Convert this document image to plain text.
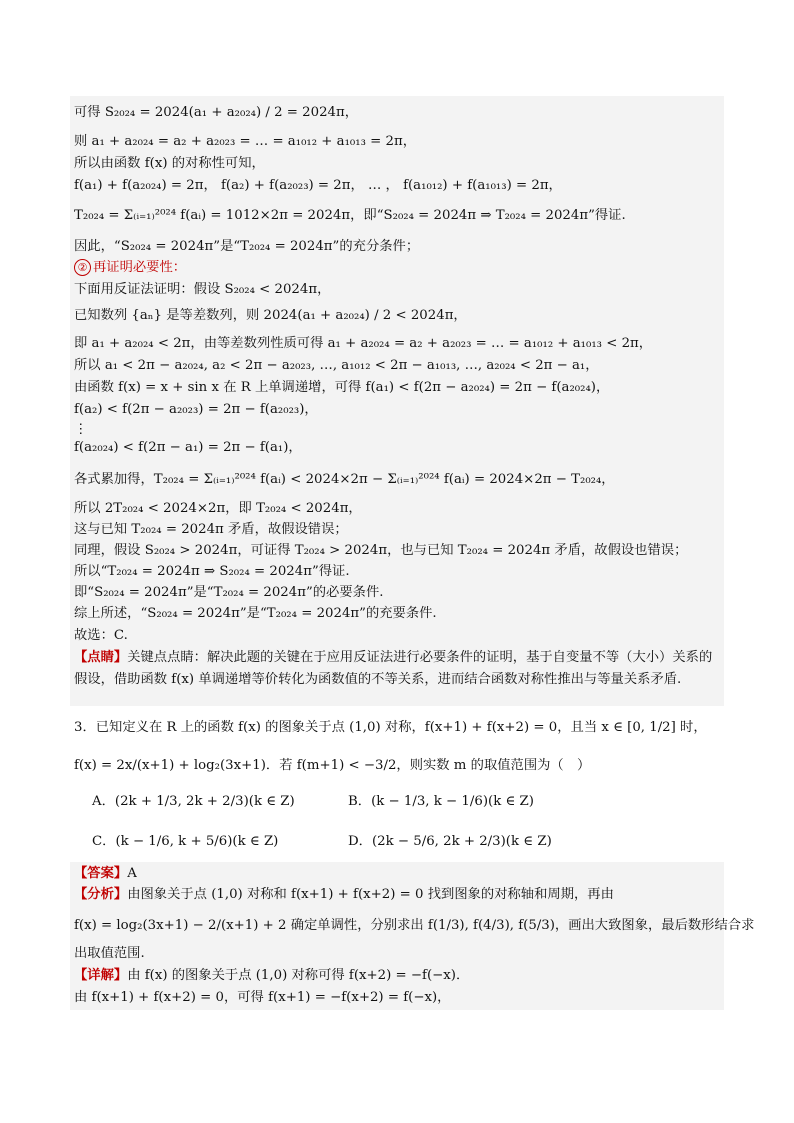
可得 S₂₀₂₄ = 2024(a₁ + a₂₀₂₄) / 2 = 2024π，
则 a₁ + a₂₀₂₄ = a₂ + a₂₀₂₃ = … = a₁₀₁₂ + a₁₀₁₃ = 2π，
所以由函数 f(x) 的对称性可知，
f(a₁) + f(a₂₀₂₄) = 2π， f(a₂) + f(a₂₀₂₃) = 2π， … ， f(a₁₀₁₂) + f(a₁₀₁₃) = 2π，
T₂₀₂₄ = Σ₍ᵢ₌₁₎²⁰²⁴ f(aᵢ) = 1012×2π = 2024π，即“S₂₀₂₄ = 2024π ⇒ T₂₀₂₄ = 2024π”得证.
因此，“S₂₀₂₄ = 2024π”是“T₂₀₂₄ = 2024π”的充分条件；
② 再证明必要性：
下面用反证法证明：假设 S₂₀₂₄ < 2024π，
已知数列 {aₙ} 是等差数列，则 2024(a₁ + a₂₀₂₄) / 2 < 2024π，
即 a₁ + a₂₀₂₄ < 2π，由等差数列性质可得 a₁ + a₂₀₂₄ = a₂ + a₂₀₂₃ = … = a₁₀₁₂ + a₁₀₁₃ < 2π，
所以 a₁ < 2π − a₂₀₂₄, a₂ < 2π − a₂₀₂₃, …, a₁₀₁₂ < 2π − a₁₀₁₃, …, a₂₀₂₄ < 2π − a₁，
由函数 f(x) = x + sin x 在 R 上单调递增，可得 f(a₁) < f(2π − a₂₀₂₄) = 2π − f(a₂₀₂₄)，
f(a₂) < f(2π − a₂₀₂₃) = 2π − f(a₂₀₂₃)，
⋮
f(a₂₀₂₄) < f(2π − a₁) = 2π − f(a₁)，
各式累加得，T₂₀₂₄ = Σ₍ᵢ₌₁₎²⁰²⁴ f(aᵢ) < 2024×2π − Σ₍ᵢ₌₁₎²⁰²⁴ f(aᵢ) = 2024×2π − T₂₀₂₄，
所以 2T₂₀₂₄ < 2024×2π，即 T₂₀₂₄ < 2024π，
这与已知 T₂₀₂₄ = 2024π 矛盾，故假设错误；
同理，假设 S₂₀₂₄ > 2024π，可证得 T₂₀₂₄ > 2024π，也与已知 T₂₀₂₄ = 2024π 矛盾，故假设也错误；
所以“T₂₀₂₄ = 2024π ⇒ S₂₀₂₄ = 2024π”得证.
即“S₂₀₂₄ = 2024π”是“T₂₀₂₄ = 2024π”的必要条件.
综上所述，“S₂₀₂₄ = 2024π”是“T₂₀₂₄ = 2024π”的充要条件.
故选：C.
【点睛】关键点点睛：解决此题的关键在于应用反证法进行必要条件的证明，基于自变量不等（大小）关系的假设，借助函数 f(x) 单调递增等价转化为函数值的不等关系，进而结合函数对称性推出与等量关系矛盾.
3．已知定义在 R 上的函数 f(x) 的图象关于点 (1,0) 对称，f(x+1) + f(x+2) = 0，且当 x ∈ [0, 1/2] 时，
f(x) = 2x/(x+1) + log₂(3x+1)．若 f(m+1) < −3/2，则实数 m 的取值范围为（　）
A．(2k + 1/3, 2k + 2/3)(k ∈ Z)	B．(k − 1/3, k − 1/6)(k ∈ Z)
C．(k − 1/6, k + 5/6)(k ∈ Z)	D．(2k − 5/6, 2k + 2/3)(k ∈ Z)
【答案】A
【分析】由图象关于点 (1,0) 对称和 f(x+1) + f(x+2) = 0 找到图象的对称轴和周期，再由
f(x) = log₂(3x+1) − 2/(x+1) + 2 确定单调性，分别求出 f(1/3), f(4/3), f(5/3)，画出大致图象，最后数形结合求
出取值范围.
【详解】由 f(x) 的图象关于点 (1,0) 对称可得 f(x+2) = −f(−x)．
由 f(x+1) + f(x+2) = 0，可得 f(x+1) = −f(x+2) = f(−x)，
